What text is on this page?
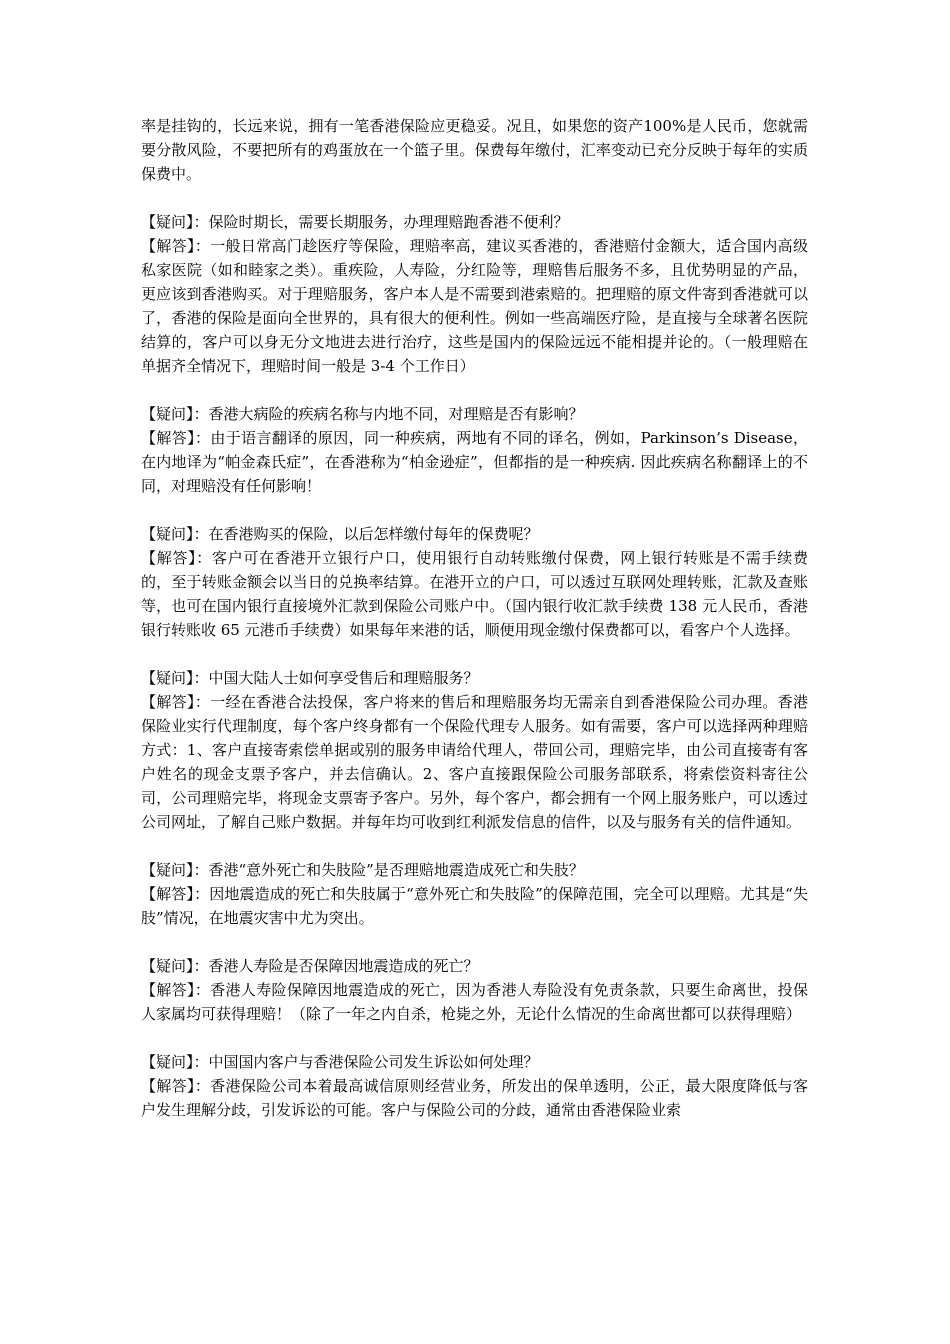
率是挂钩的，长远来说，拥有一笔香港保险应更稳妥。况且，如果您的资产100%是人民币，您就需要分散风险，不要把所有的鸡蛋放在一个篮子里。保费每年缴付，汇率变动已充分反映于每年的实质保费中。

【疑问】：保险时期长，需要长期服务，办理理赔跑香港不便利？

【解答】：一般日常高门趁医疗等保险，理赔率高，建议买香港的，香港赔付金额大，适合国内高级私家医院（如和睦家之类）。重疾险，人寿险，分红险等，理赔售后服务不多，且优势明显的产品，更应该到香港购买。对于理赔服务，客户本人是不需要到港索赔的。把理赔的原文件寄到香港就可以了，香港的保险是面向全世界的，具有很大的便利性。例如一些高端医疗险，是直接与全球著名医院结算的，客户可以身无分文地进去进行治疗，这些是国内的保险远远不能相提并论的。（一般理赔在单据齐全情况下，理赔时间一般是 3-4 个工作日）

【疑问】：香港大病险的疾病名称与内地不同，对理赔是否有影响？

【解答】：由于语言翻译的原因，同一种疾病，两地有不同的译名，例如，Parkinson’s Disease，在内地译为“帕金森氏症”，在香港称为“柏金逊症”，但都指的是一种疾病. 因此疾病名称翻译上的不同，对理赔没有任何影响！

【疑问】：在香港购买的保险，以后怎样缴付每年的保费呢？

【解答】：客户可在香港开立银行户口，使用银行自动转账缴付保费，网上银行转账是不需手续费的，至于转账金额会以当日的兑换率结算。在港开立的户口，可以透过互联网处理转账，汇款及查账等，也可在国内银行直接境外汇款到保险公司账户中。（国内银行收汇款手续费 138 元人民币，香港银行转账收 65 元港币手续费）如果每年来港的话，顺便用现金缴付保费都可以，看客户个人选择。

【疑问】：中国大陆人士如何享受售后和理赔服务？

【解答】：一经在香港合法投保，客户将来的售后和理赔服务均无需亲自到香港保险公司办理。香港保险业实行代理制度，每个客户终身都有一个保险代理专人服务。如有需要，客户可以选择两种理赔方式：1、客户直接寄索偿单据或别的服务申请给代理人，带回公司，理赔完毕，由公司直接寄有客户姓名的现金支票予客户，并去信确认。2、客户直接跟保险公司服务部联系，将索偿资料寄往公司，公司理赔完毕，将现金支票寄予客户。另外，每个客户，都会拥有一个网上服务账户，可以透过公司网址，了解自己账户数据。并每年均可收到红利派发信息的信件，以及与服务有关的信件通知。

【疑问】：香港“意外死亡和失肢险”是否理赔地震造成死亡和失肢？

【解答】：因地震造成的死亡和失肢属于“意外死亡和失肢险”的保障范围，完全可以理赔。尤其是“失肢”情况，在地震灾害中尤为突出。

【疑问】：香港人寿险是否保障因地震造成的死亡？

【解答】：香港人寿险保障因地震造成的死亡，因为香港人寿险没有免责条款，只要生命离世，投保人家属均可获得理赔！（除了一年之内自杀，枪毙之外，无论什么情况的生命离世都可以获得理赔）

【疑问】：中国国内客户与香港保险公司发生诉讼如何处理？

【解答】：香港保险公司本着最高诚信原则经营业务，所发出的保单透明，公正，最大限度降低与客户发生理解分歧，引发诉讼的可能。客户与保险公司的分歧，通常由香港保险业索
